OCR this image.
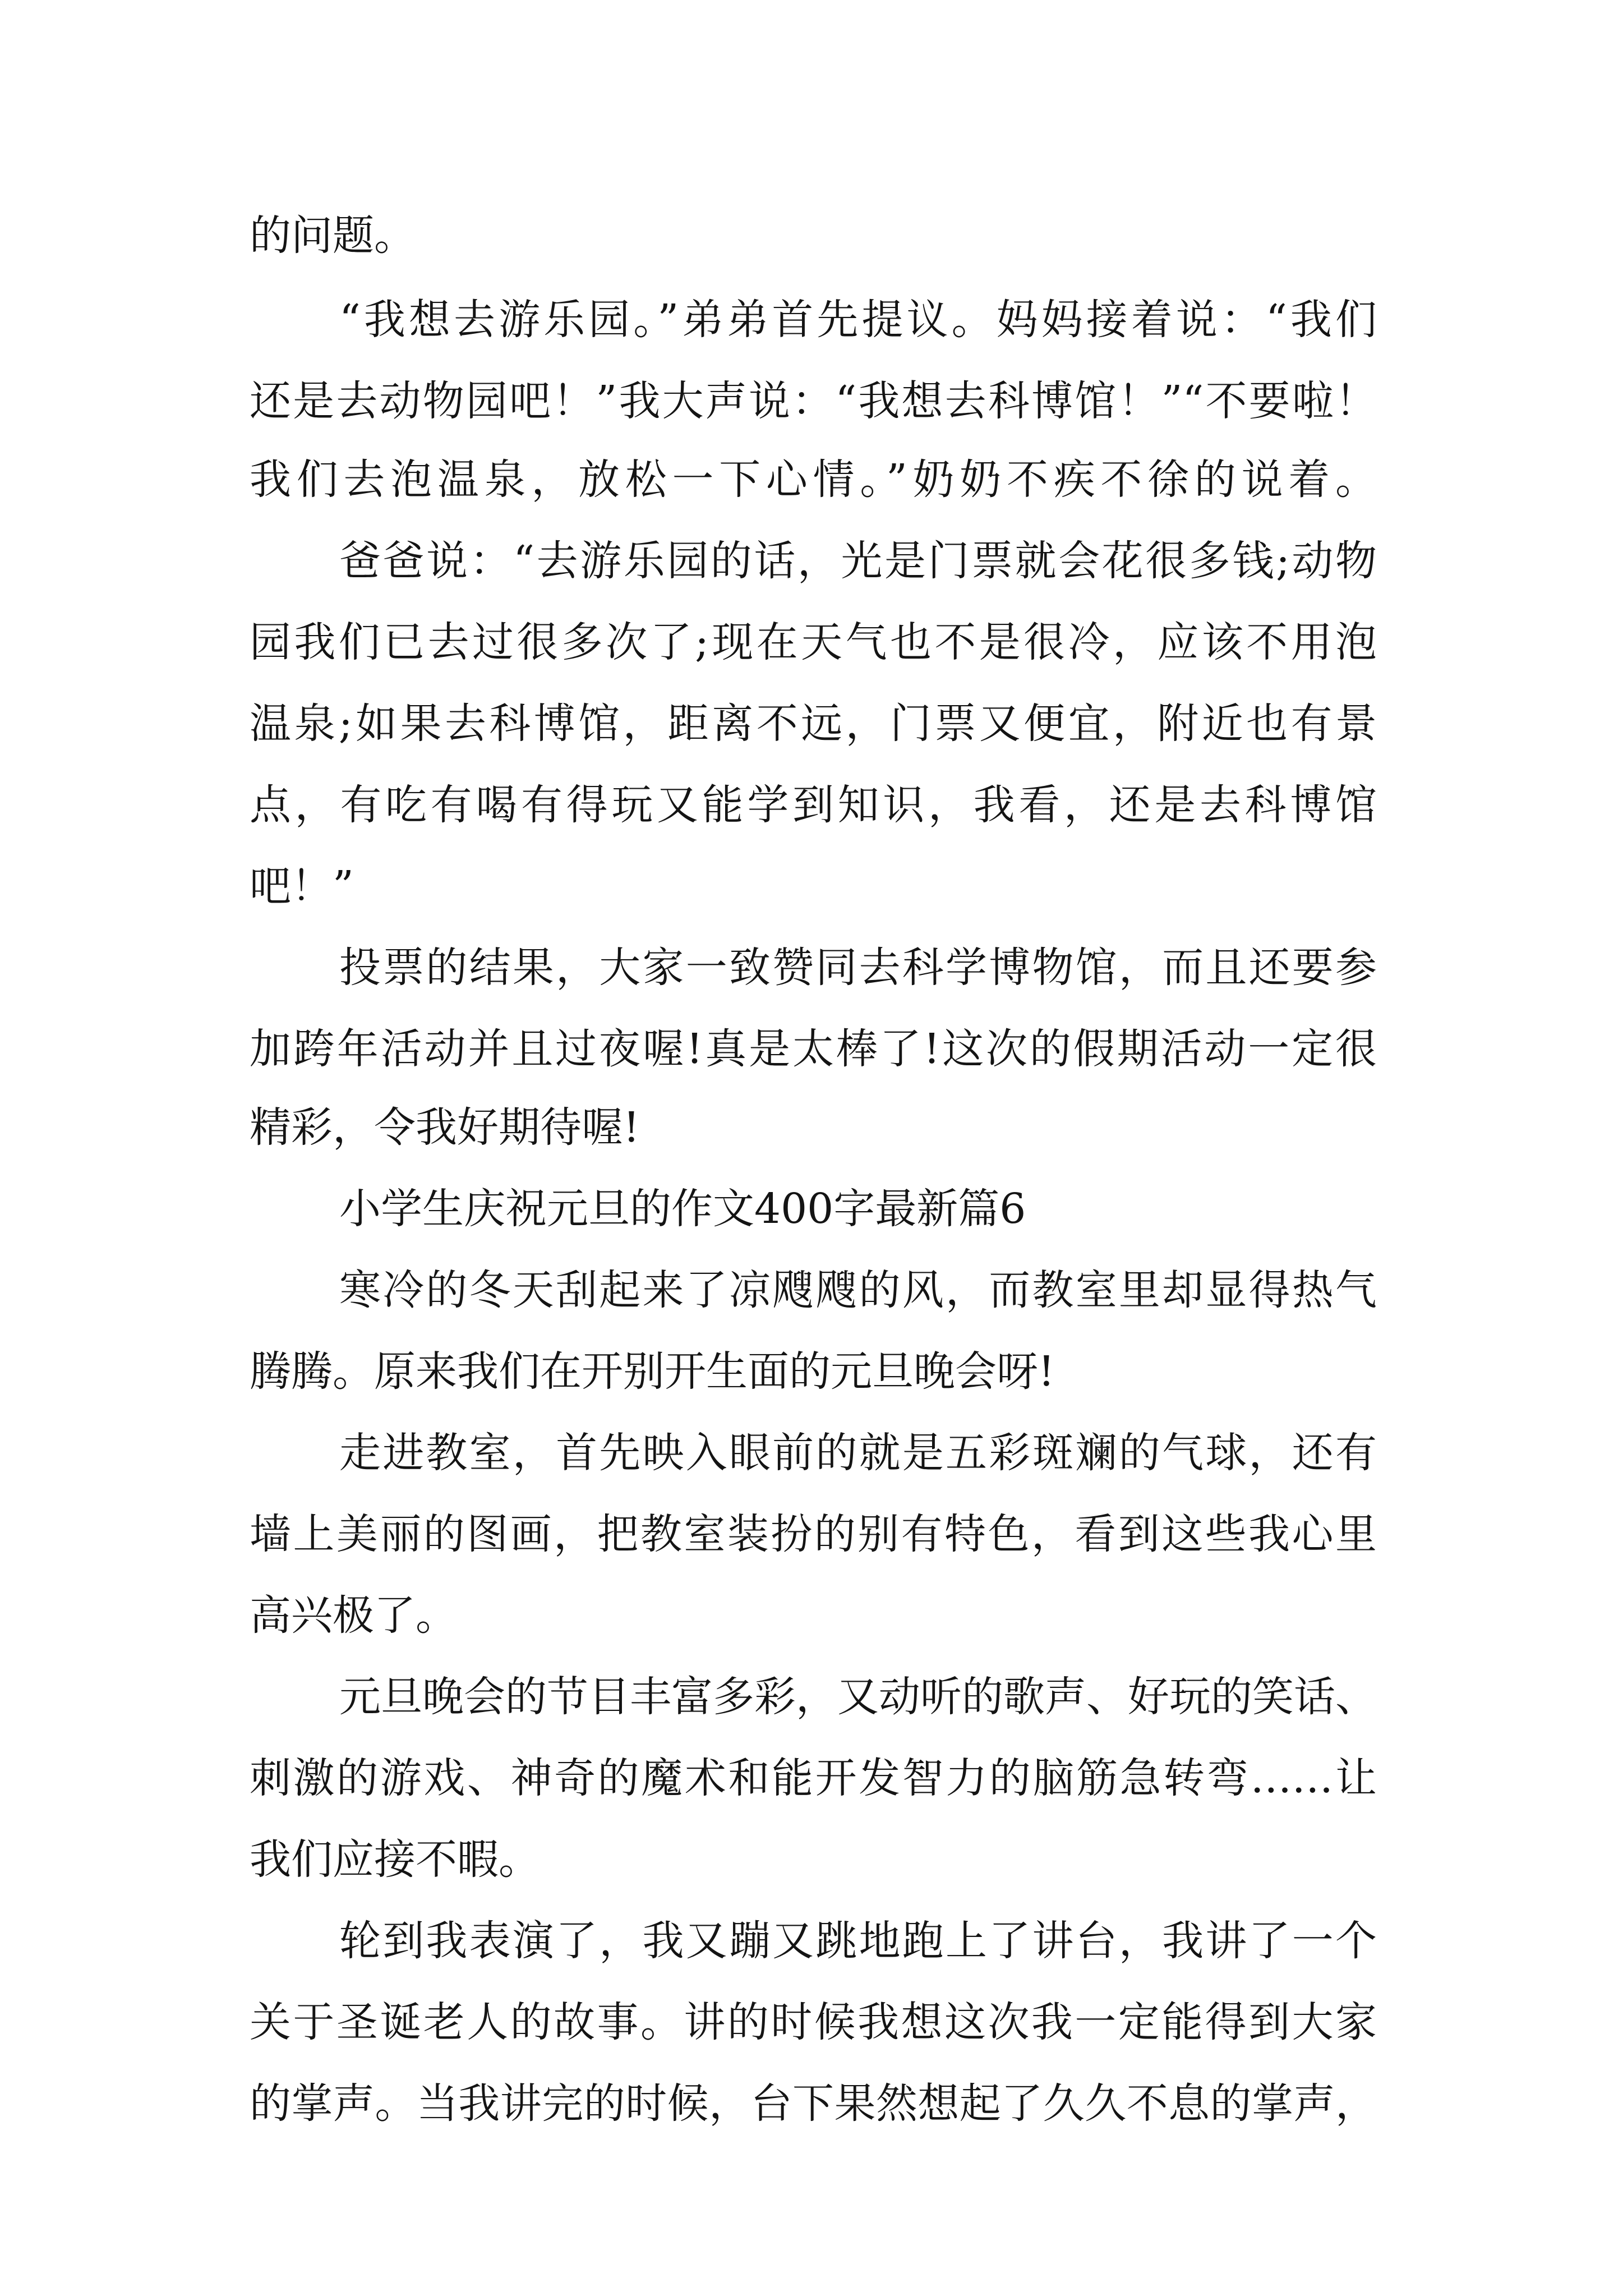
的问题。

“我想去游乐园。”弟弟首先提议。妈妈接着说：“我们

还是去动物园吧！”我大声说：“我想去科博馆！”“不要啦！

我们去泡温泉，放松一下心情。”奶奶不疾不徐的说着。

爸爸说：“去游乐园的话，光是门票就会花很多钱;动物

园我们已去过很多次了;现在天气也不是很冷，应该不用泡

温泉;如果去科博馆，距离不远，门票又便宜，附近也有景

点，有吃有喝有得玩又能学到知识，我看，还是去科博馆

吧！”

投票的结果，大家一致赞同去科学博物馆，而且还要参

加跨年活动并且过夜喔!真是太棒了!这次的假期活动一定很

精彩，令我好期待喔!

小学生庆祝元旦的作文400字最新篇6

寒冷的冬天刮起来了凉飕飕的风，而教室里却显得热气

腾腾。原来我们在开别开生面的元旦晚会呀!

走进教室，首先映入眼前的就是五彩斑斓的气球，还有

墙上美丽的图画，把教室装扮的别有特色，看到这些我心里

高兴极了。

元旦晚会的节目丰富多彩，又动听的歌声、好玩的笑话、

刺激的游戏、神奇的魔术和能开发智力的脑筋急转弯……让

我们应接不暇。

轮到我表演了，我又蹦又跳地跑上了讲台，我讲了一个

关于圣诞老人的故事。讲的时候我想这次我一定能得到大家

的掌声。当我讲完的时候，台下果然想起了久久不息的掌声，
